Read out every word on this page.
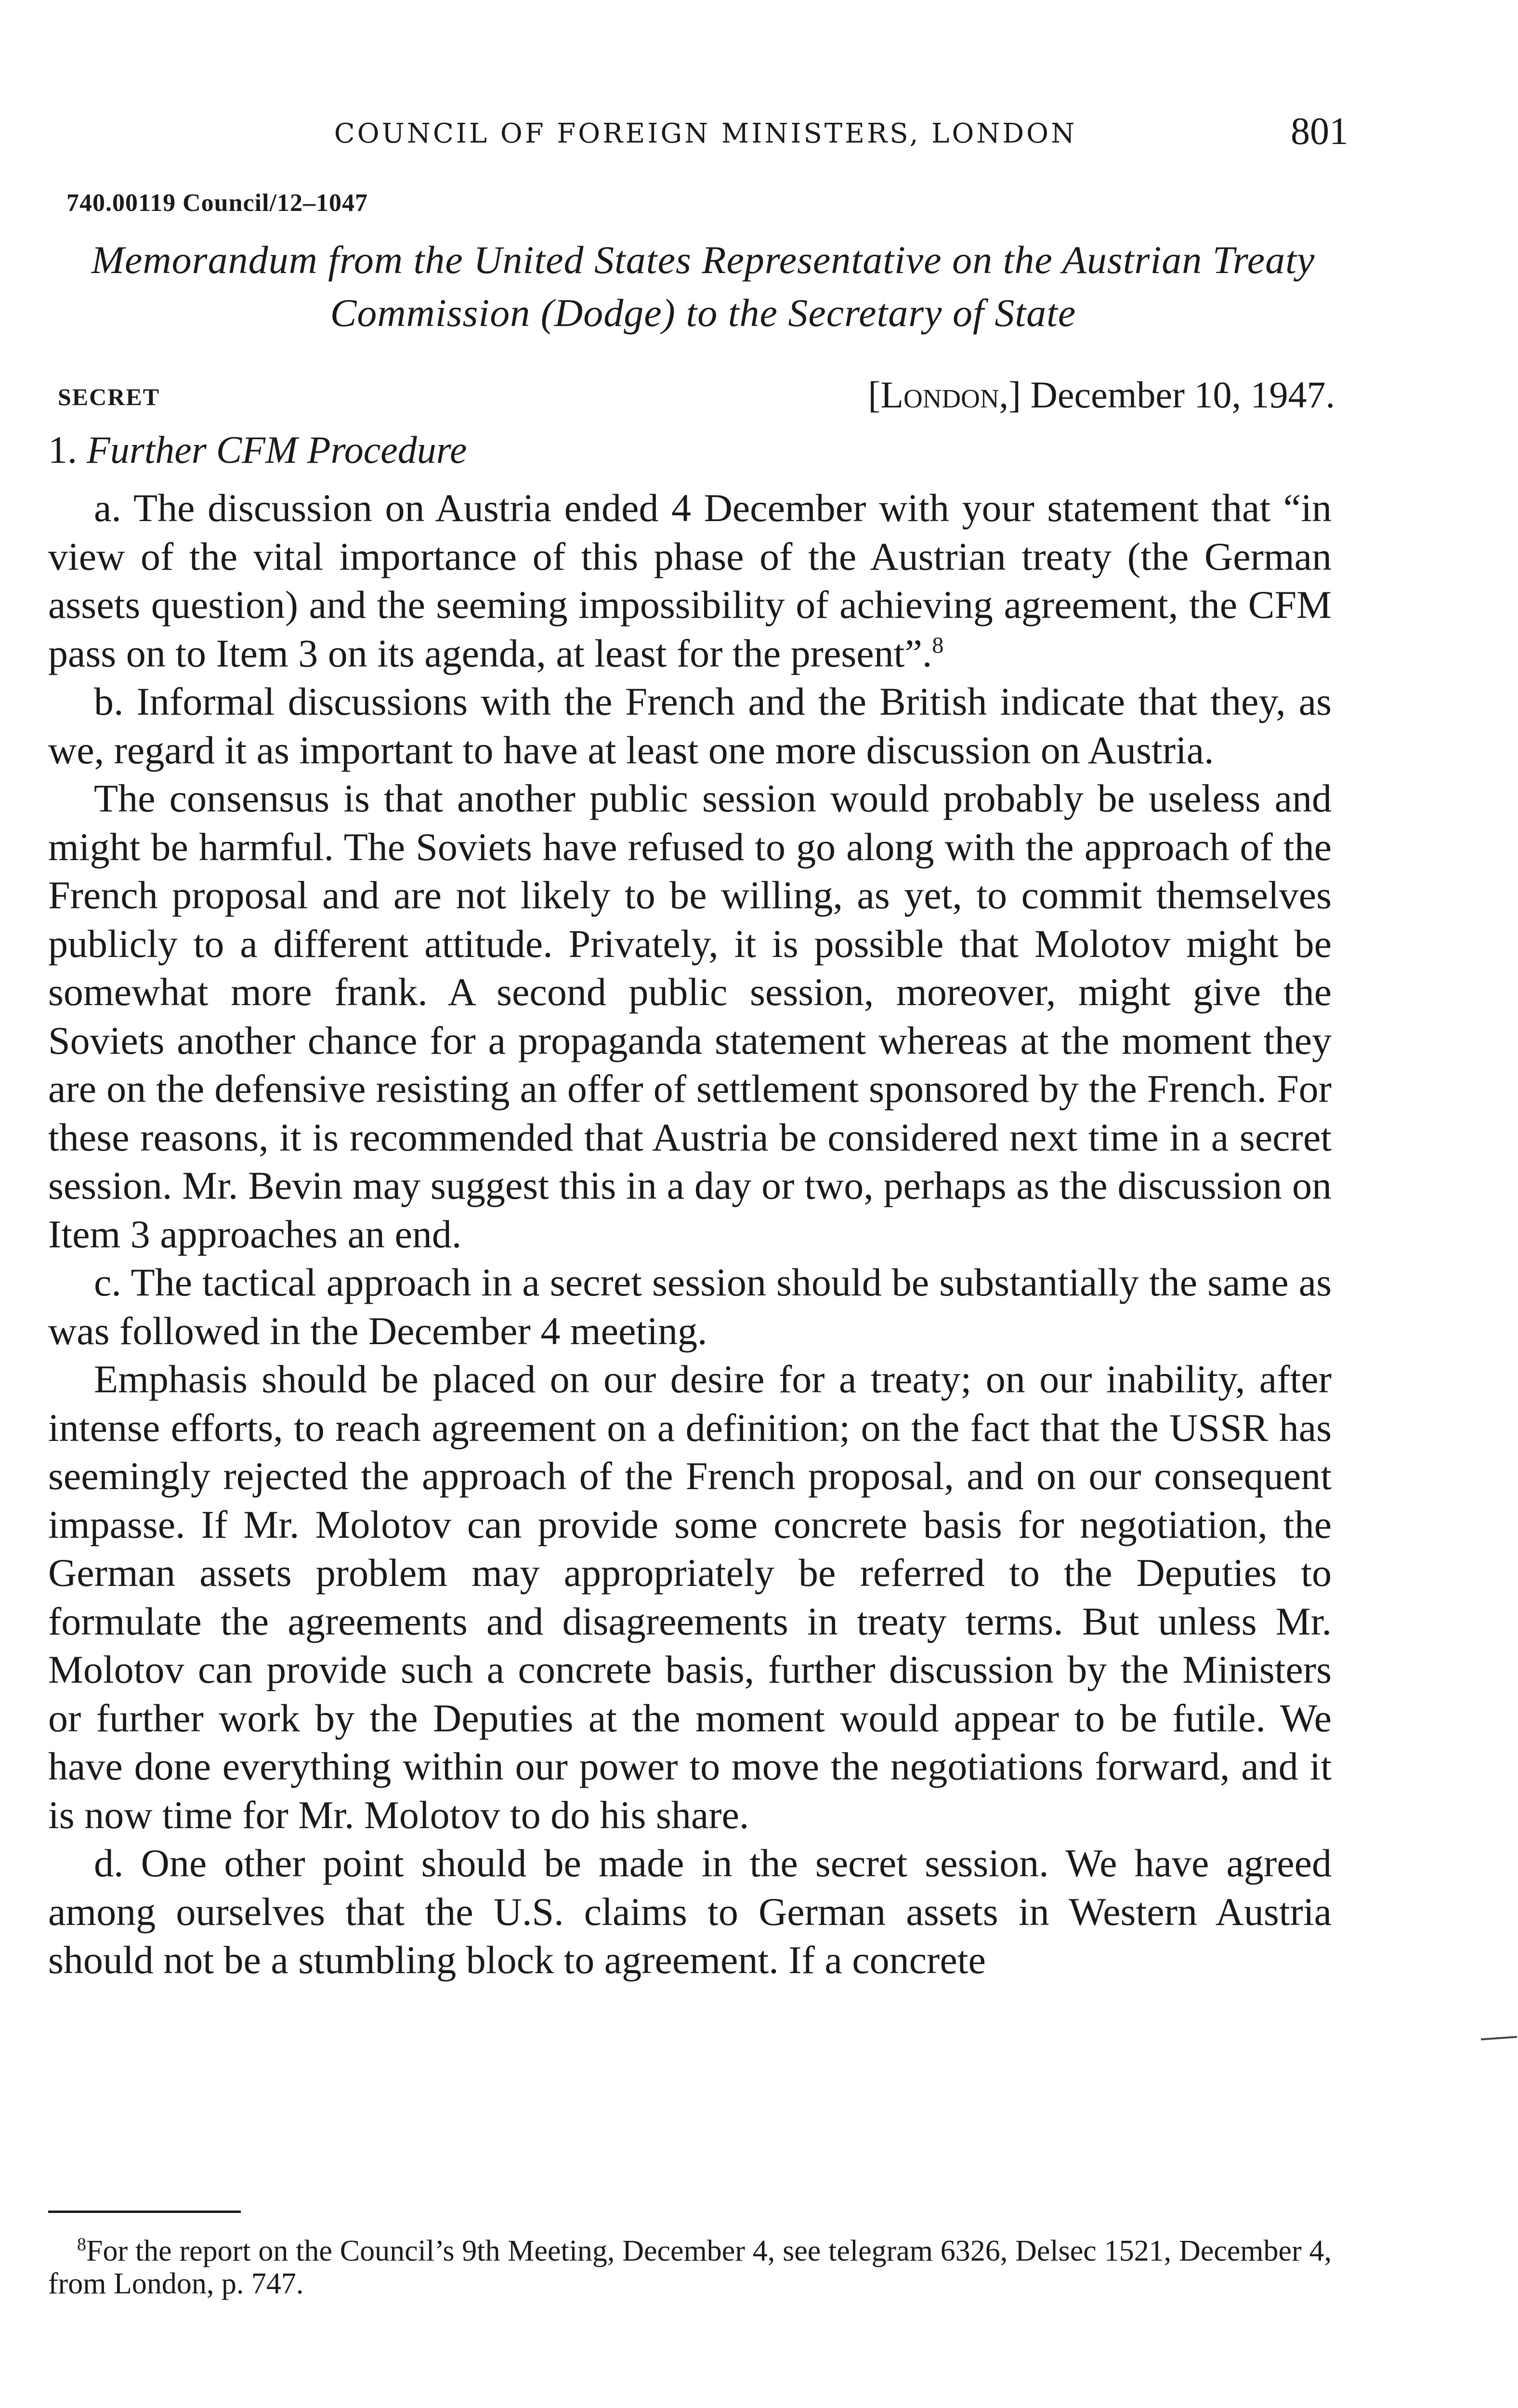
COUNCIL OF FOREIGN MINISTERS, LONDON	801
740.00119 Council/12–1047
Memorandum from the United States Representative on the Austrian Treaty Commission (Dodge) to the Secretary of State
SECRET	[London,] December 10, 1947.
1. Further CFM Procedure

a. The discussion on Austria ended 4 December with your statement that “in view of the vital importance of this phase of the Austrian treaty (the German assets question) and the seeming impossibility of achieving agreement, the CFM pass on to Item 3 on its agenda, at least for the present”.$^8$

b. Informal discussions with the French and the British indicate that they, as we, regard it as important to have at least one more discussion on Austria.

The consensus is that another public session would probably be useless and might be harmful. The Soviets have refused to go along with the approach of the French proposal and are not likely to be willing, as yet, to commit themselves publicly to a different attitude. Privately, it is possible that Molotov might be somewhat more frank. A second public session, moreover, might give the Soviets another chance for a propaganda statement whereas at the moment they are on the defensive resisting an offer of settlement sponsored by the French. For these reasons, it is recommended that Austria be considered next time in a secret session. Mr. Bevin may suggest this in a day or two, perhaps as the discussion on Item 3 approaches an end.

c. The tactical approach in a secret session should be substantially the same as was followed in the December 4 meeting.

Emphasis should be placed on our desire for a treaty; on our inability, after intense efforts, to reach agreement on a definition; on the fact that the USSR has seemingly rejected the approach of the French proposal, and on our consequent impasse. If Mr. Molotov can provide some concrete basis for negotiation, the German assets problem may appropriately be referred to the Deputies to formulate the agreements and disagreements in treaty terms. But unless Mr. Molotov can provide such a concrete basis, further discussion by the Ministers or further work by the Deputies at the moment would appear to be futile. We have done everything within our power to move the negotiations forward, and it is now time for Mr. Molotov to do his share.

d. One other point should be made in the secret session. We have agreed among ourselves that the U.S. claims to German assets in Western Austria should not be a stumbling block to agreement. If a concrete

$^8$For the report on the Council’s 9th Meeting, December 4, see telegram 6326, Delsec 1521, December 4, from London, p. 747.
